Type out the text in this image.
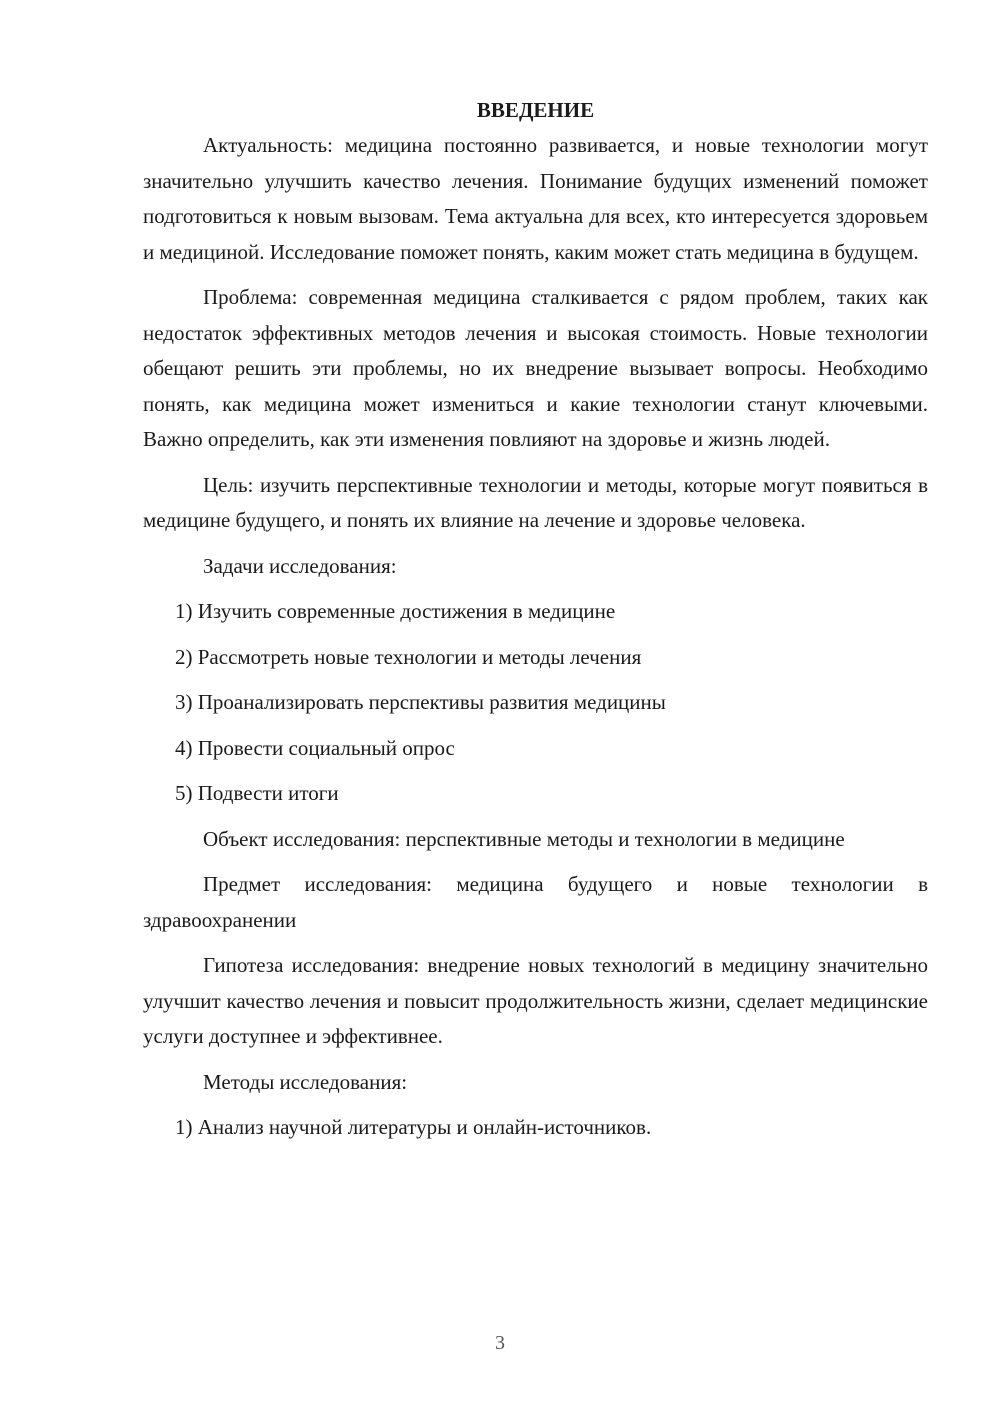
ВВЕДЕНИЕ

Актуальность: медицина постоянно развивается, и новые технологии могут значительно улучшить качество лечения. Понимание будущих изменений поможет подготовиться к новым вызовам. Тема актуальна для всех, кто интересуется здоровьем и медициной. Исследование поможет понять, каким может стать медицина в будущем.

Проблема: современная медицина сталкивается с рядом проблем, таких как недостаток эффективных методов лечения и высокая стоимость. Новые технологии обещают решить эти проблемы, но их внедрение вызывает вопросы. Необходимо понять, как медицина может измениться и какие технологии станут ключевыми. Важно определить, как эти изменения повлияют на здоровье и жизнь людей.

Цель: изучить перспективные технологии и методы, которые могут появиться в медицине будущего, и понять их влияние на лечение и здоровье человека.

Задачи исследования:

1) Изучить современные достижения в медицине
2) Рассмотреть новые технологии и методы лечения
3) Проанализировать перспективы развития медицины
4) Провести социальный опрос
5) Подвести итоги

Объект исследования: перспективные методы и технологии в медицине

Предмет исследования: медицина будущего и новые технологии в здравоохранении

Гипотеза исследования: внедрение новых технологий в медицину значительно улучшит качество лечения и повысит продолжительность жизни, сделает медицинские услуги доступнее и эффективнее.

Методы исследования:

1) Анализ научной литературы и онлайн-источников.
3
